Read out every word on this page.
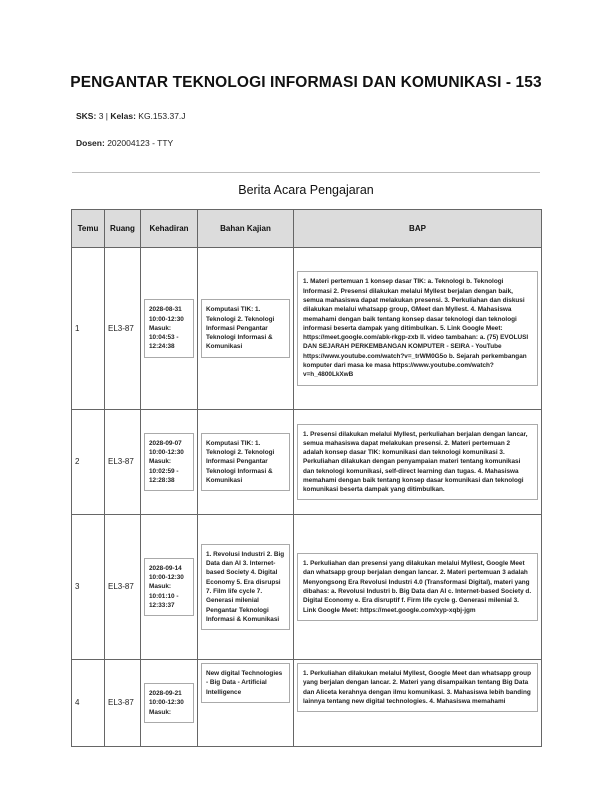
PENGANTAR TEKNOLOGI INFORMASI DAN KOMUNIKASI - 153
SKS: 3 | Kelas: KG.153.37.J
Dosen: 202004123 - TTY
Berita Acara Pengajaran
Temu	Ruang	Kehadiran	Bahan Kajian	BAP
1	EL3-87	2028-08-31 10:00-12:30 Masuk: 10:04:53 - 12:24:38	Komputasi TIK: 1. Teknologi 2. Teknologi Informasi Pengantar Teknologi Informasi & Komunikasi	1. Materi pertemuan 1 konsep dasar TIK: a. Teknologi b. Teknologi Informasi 2. Presensi dilakukan melalui Myllest berjalan dengan baik, semua mahasiswa dapat melakukan presensi. 3. Perkuliahan dan diskusi dilakukan melalui whatsapp group, GMeet dan Myllest. 4. Mahasiswa memahami dengan baik tentang konsep dasar teknologi dan teknologi informasi beserta dampak yang ditimbulkan. 5. Link Google Meet: https://meet.google.com/abk-rkgp-zxb II. video tambahan: a. (75) EVOLUSI DAN SEJARAH PERKEMBANGAN KOMPUTER - SEIRA - YouTube https://www.youtube.com/watch?v=_trWM0G5o b. Sejarah perkembangan komputer dari masa ke masa https://www.youtube.com/watch?v=h_4800LkXwB

2	EL3-87	2028-09-07 10:00-12:30 Masuk: 10:02:59 - 12:28:38	Komputasi TIK: 1. Teknologi 2. Teknologi Informasi Pengantar Teknologi Informasi & Komunikasi	1. Presensi dilakukan melalui Myllest, perkuliahan berjalan dengan lancar, semua mahasiswa dapat melakukan presensi. 2. Materi pertemuan 2 adalah konsep dasar TIK: komunikasi dan teknologi komunikasi 3. Perkuliahan dilakukan dengan penyampaian materi tentang komunikasi dan teknologi komunikasi, self-direct learning dan tugas. 4. Mahasiswa memahami dengan baik tentang konsep dasar komunikasi dan teknologi komunikasi beserta dampak yang ditimbulkan.

3	EL3-87	2028-09-14 10:00-12:30 Masuk: 10:01:10 - 12:33:37	1. Revolusi Industri 2. Big Data dan AI 3. Internet-based Society 4. Digital Economy 5. Era disrupsi 7. Film life cycle 7. Generasi milenial Pengantar Teknologi Informasi & Komunikasi	1. Perkuliahan dan presensi yang dilakukan melalui Myllest, Google Meet dan whatsapp group berjalan dengan lancar. 2. Materi pertemuan 3 adalah Menyongsong Era Revolusi Industri 4.0 (Transformasi Digital), materi yang dibahas: a. Revolusi Industri b. Big Data dan AI c. Internet-based Society d. Digital Economy e. Era disruptif f. Firm life cycle g. Generasi milenial 3. Link Google Meet: https://meet.google.com/xyp-xqbj-jgm

4	EL3-87	2028-09-21 10:00-12:30 Masuk:	New digital Technologies - Big Data - Artificial Intelligence	1. Perkuliahan dilakukan melalui Myllest, Google Meet dan whatsapp group yang berjalan dengan lancar. 2. Materi yang disampaikan tentang Big Data dan Aliceta kerahnya dengan ilmu komunikasi. 3. Mahasiswa lebih banding lainnya tentang new digital technologies. 4. Mahasiswa memahami
